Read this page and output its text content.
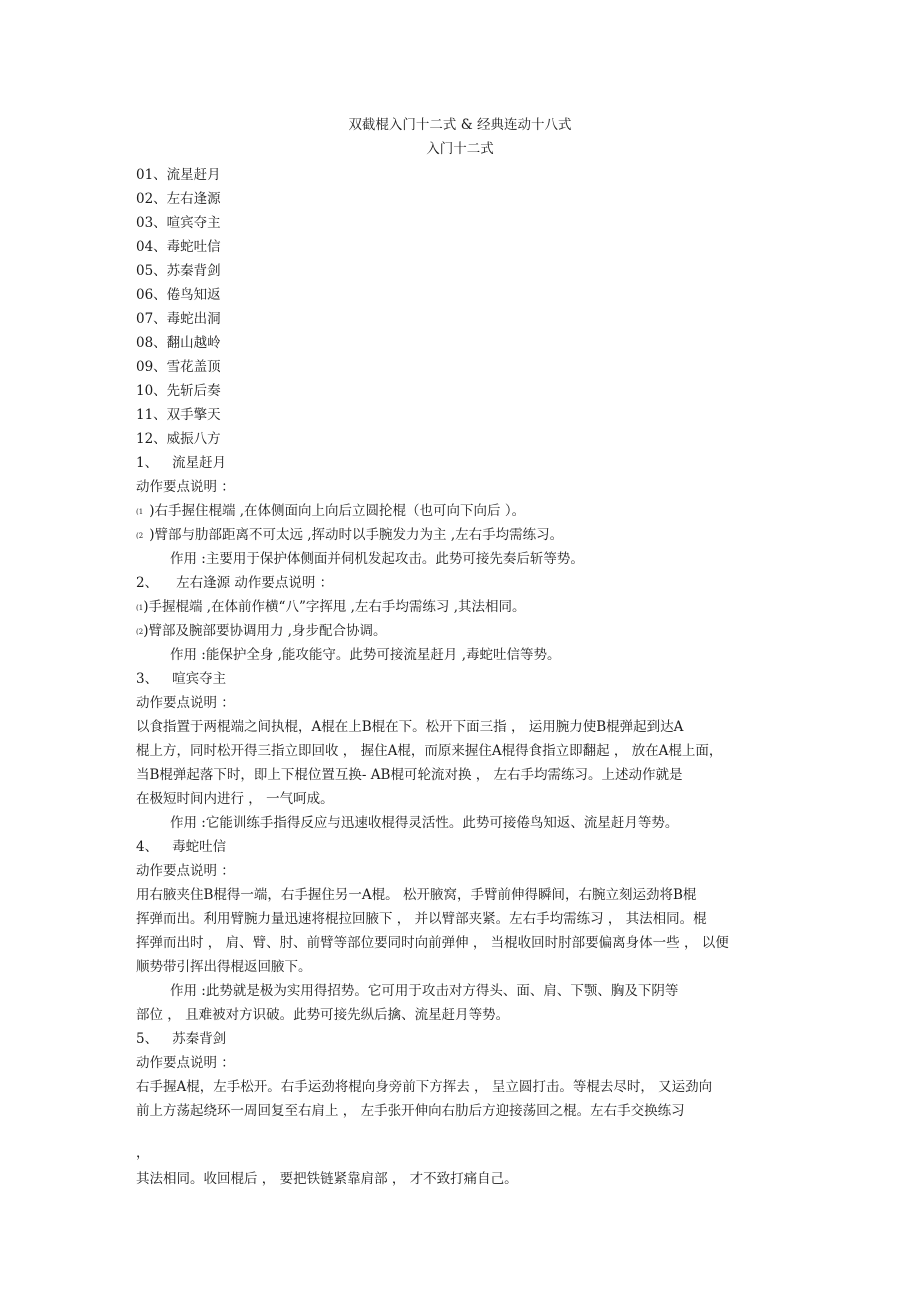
双截棍入门十二式 & 经典连动十八式
入门十二式
01、流星赶月
02、左右逢源
03、喧宾夺主
04、毒蛇吐信
05、苏秦背剑
06、倦鸟知返
07、毒蛇出洞
08、翻山越岭
09、雪花盖顶
10、先斩后奏
11、双手擎天
12、威振八方
1、 流星赶月
动作要点说明 ：
(1 )右手握住棍端 ,在体侧面向上向后立圆抡棍（也可向下向后 ）。
(2 )臂部与肋部距离不可太远 ,挥动时以手腕发力为主 ,左右手均需练习。
作用 :主要用于保护体侧面并伺机发起攻击。此势可接先奏后斩等势。
2、 左右逢源 动作要点说明 ：
(1)手握棍端 ,在体前作横“八”字挥甩 ,左右手均需练习 ,其法相同。
(2)臂部及腕部要协调用力 ,身步配合协调。
作用 :能保护全身 ,能攻能守。此势可接流星赶月 ,毒蛇吐信等势。
3、 喧宾夺主
动作要点说明 ：
以食指置于两棍端之间执棍，A棍在上B棍在下。松开下面三指 ， 运用腕力使B棍弹起到达A
棍上方，同时松开得三指立即回收 ， 握住A棍，而原来握住A棍得食指立即翻起 ， 放在A棍上面，
当B棍弹起落下时，即上下棍位置互换- AB棍可轮流对换 ， 左右手均需练习。上述动作就是
在极短时间内进行 ， 一气呵成。
作用 :它能训练手指得反应与迅速收棍得灵活性。此势可接倦鸟知返、流星赶月等势。
4、 毒蛇吐信
动作要点说明 ：
用右腋夹住B棍得一端，右手握住另一A棍。 松开腋窝，手臂前伸得瞬间，右腕立刻运劲将B棍
挥弹而出。利用臂腕力量迅速将棍拉回腋下 ， 并以臂部夹紧。左右手均需练习 ， 其法相同。棍
挥弹而出时 ， 肩、臂、肘、前臂等部位要同时向前弹伸 ， 当棍收回时肘部要偏离身体一些 ， 以便
顺势带引挥出得棍返回腋下。
作用 :此势就是极为实用得招势。它可用于攻击对方得头、面、肩、下颚、胸及下阴等
部位 ， 且难被对方识破。此势可接先纵后擒、流星赶月等势。
5、 苏秦背剑
动作要点说明 ：
右手握A棍，左手松开。右手运劲将棍向身旁前下方挥去 ， 呈立圆打击。等棍去尽时， 又运劲向
前上方荡起绕环一周回复至右肩上 ， 左手张开伸向右肋后方迎接荡回之棍。左右手交换练习
，
其法相同。收回棍后 ， 要把铁链紧靠肩部 ， 才不致打痛自己。
